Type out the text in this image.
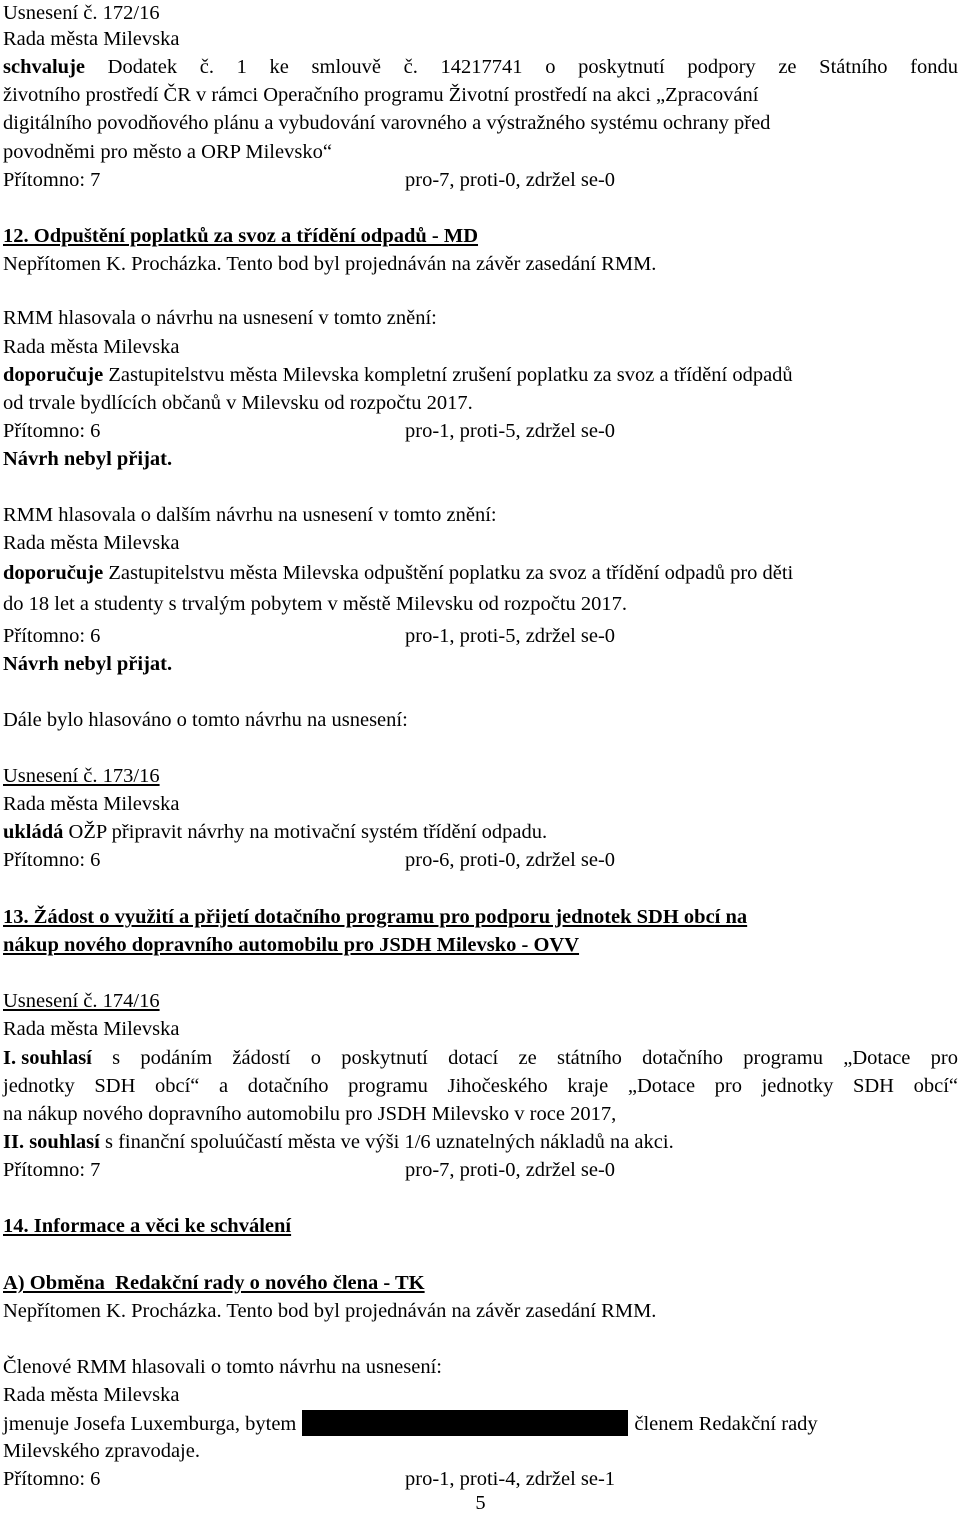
Usnesení č. 172/16
Rada města Milevska
schvaluje Dodatek č. 1 ke smlouvě č. 14217741 o poskytnutí podpory ze Státního fondu
životního prostředí ČR v rámci Operačního programu Životní prostředí na akci „Zpracování
digitálního povodňového plánu a vybudování varovného a výstražného systému ochrany před
povodněmi pro město a ORP Milevsko“
Přítomno: 7	pro-7, proti-0, zdržel se-0
12. Odpuštění poplatků za svoz a třídění odpadů - MD
Nepřítomen K. Procházka. Tento bod byl projednáván na závěr zasedání RMM.
RMM hlasovala o návrhu na usnesení v tomto znění:
Rada města Milevska
doporučuje Zastupitelstvu města Milevska kompletní zrušení poplatku za svoz a třídění odpadů
od trvale bydlících občanů v Milevsku od rozpočtu 2017.
Přítomno: 6	pro-1, proti-5, zdržel se-0
Návrh nebyl přijat.
RMM hlasovala o dalším návrhu na usnesení v tomto znění:
Rada města Milevska
doporučuje Zastupitelstvu města Milevska odpuštění poplatku za svoz a třídění odpadů pro děti
do 18 let a studenty s trvalým pobytem v městě Milevsku od rozpočtu 2017.
Přítomno: 6	pro-1, proti-5, zdržel se-0
Návrh nebyl přijat.
Dále bylo hlasováno o tomto návrhu na usnesení:
Usnesení č. 173/16
Rada města Milevska
ukládá OŽP připravit návrhy na motivační systém třídění odpadu.
Přítomno: 6	pro-6, proti-0, zdržel se-0
13. Žádost o využití a přijetí dotačního programu pro podporu jednotek SDH obcí na
nákup nového dopravního automobilu pro JSDH Milevsko - OVV
Usnesení č. 174/16
Rada města Milevska
I. souhlasí s podáním žádostí o poskytnutí dotací ze státního dotačního programu „Dotace pro
jednotky SDH obcí“ a dotačního programu Jihočeského kraje „Dotace pro jednotky SDH obcí“
na nákup nového dopravního automobilu pro JSDH Milevsko v roce 2017,
II. souhlasí s finanční spoluúčastí města ve výši 1/6 uznatelných nákladů na akci.
Přítomno: 7	pro-7, proti-0, zdržel se-0
14. Informace a věci ke schválení
A) Obměna  Redakční rady o nového člena - TK
Nepřítomen K. Procházka. Tento bod byl projednáván na závěr zasedání RMM.
Členové RMM hlasovali o tomto návrhu na usnesení:
Rada města Milevska
jmenuje Josefa Luxemburga, bytem	členem Redakční rady
Milevského zpravodaje.
Přítomno: 6	pro-1, proti-4, zdržel se-1
5
